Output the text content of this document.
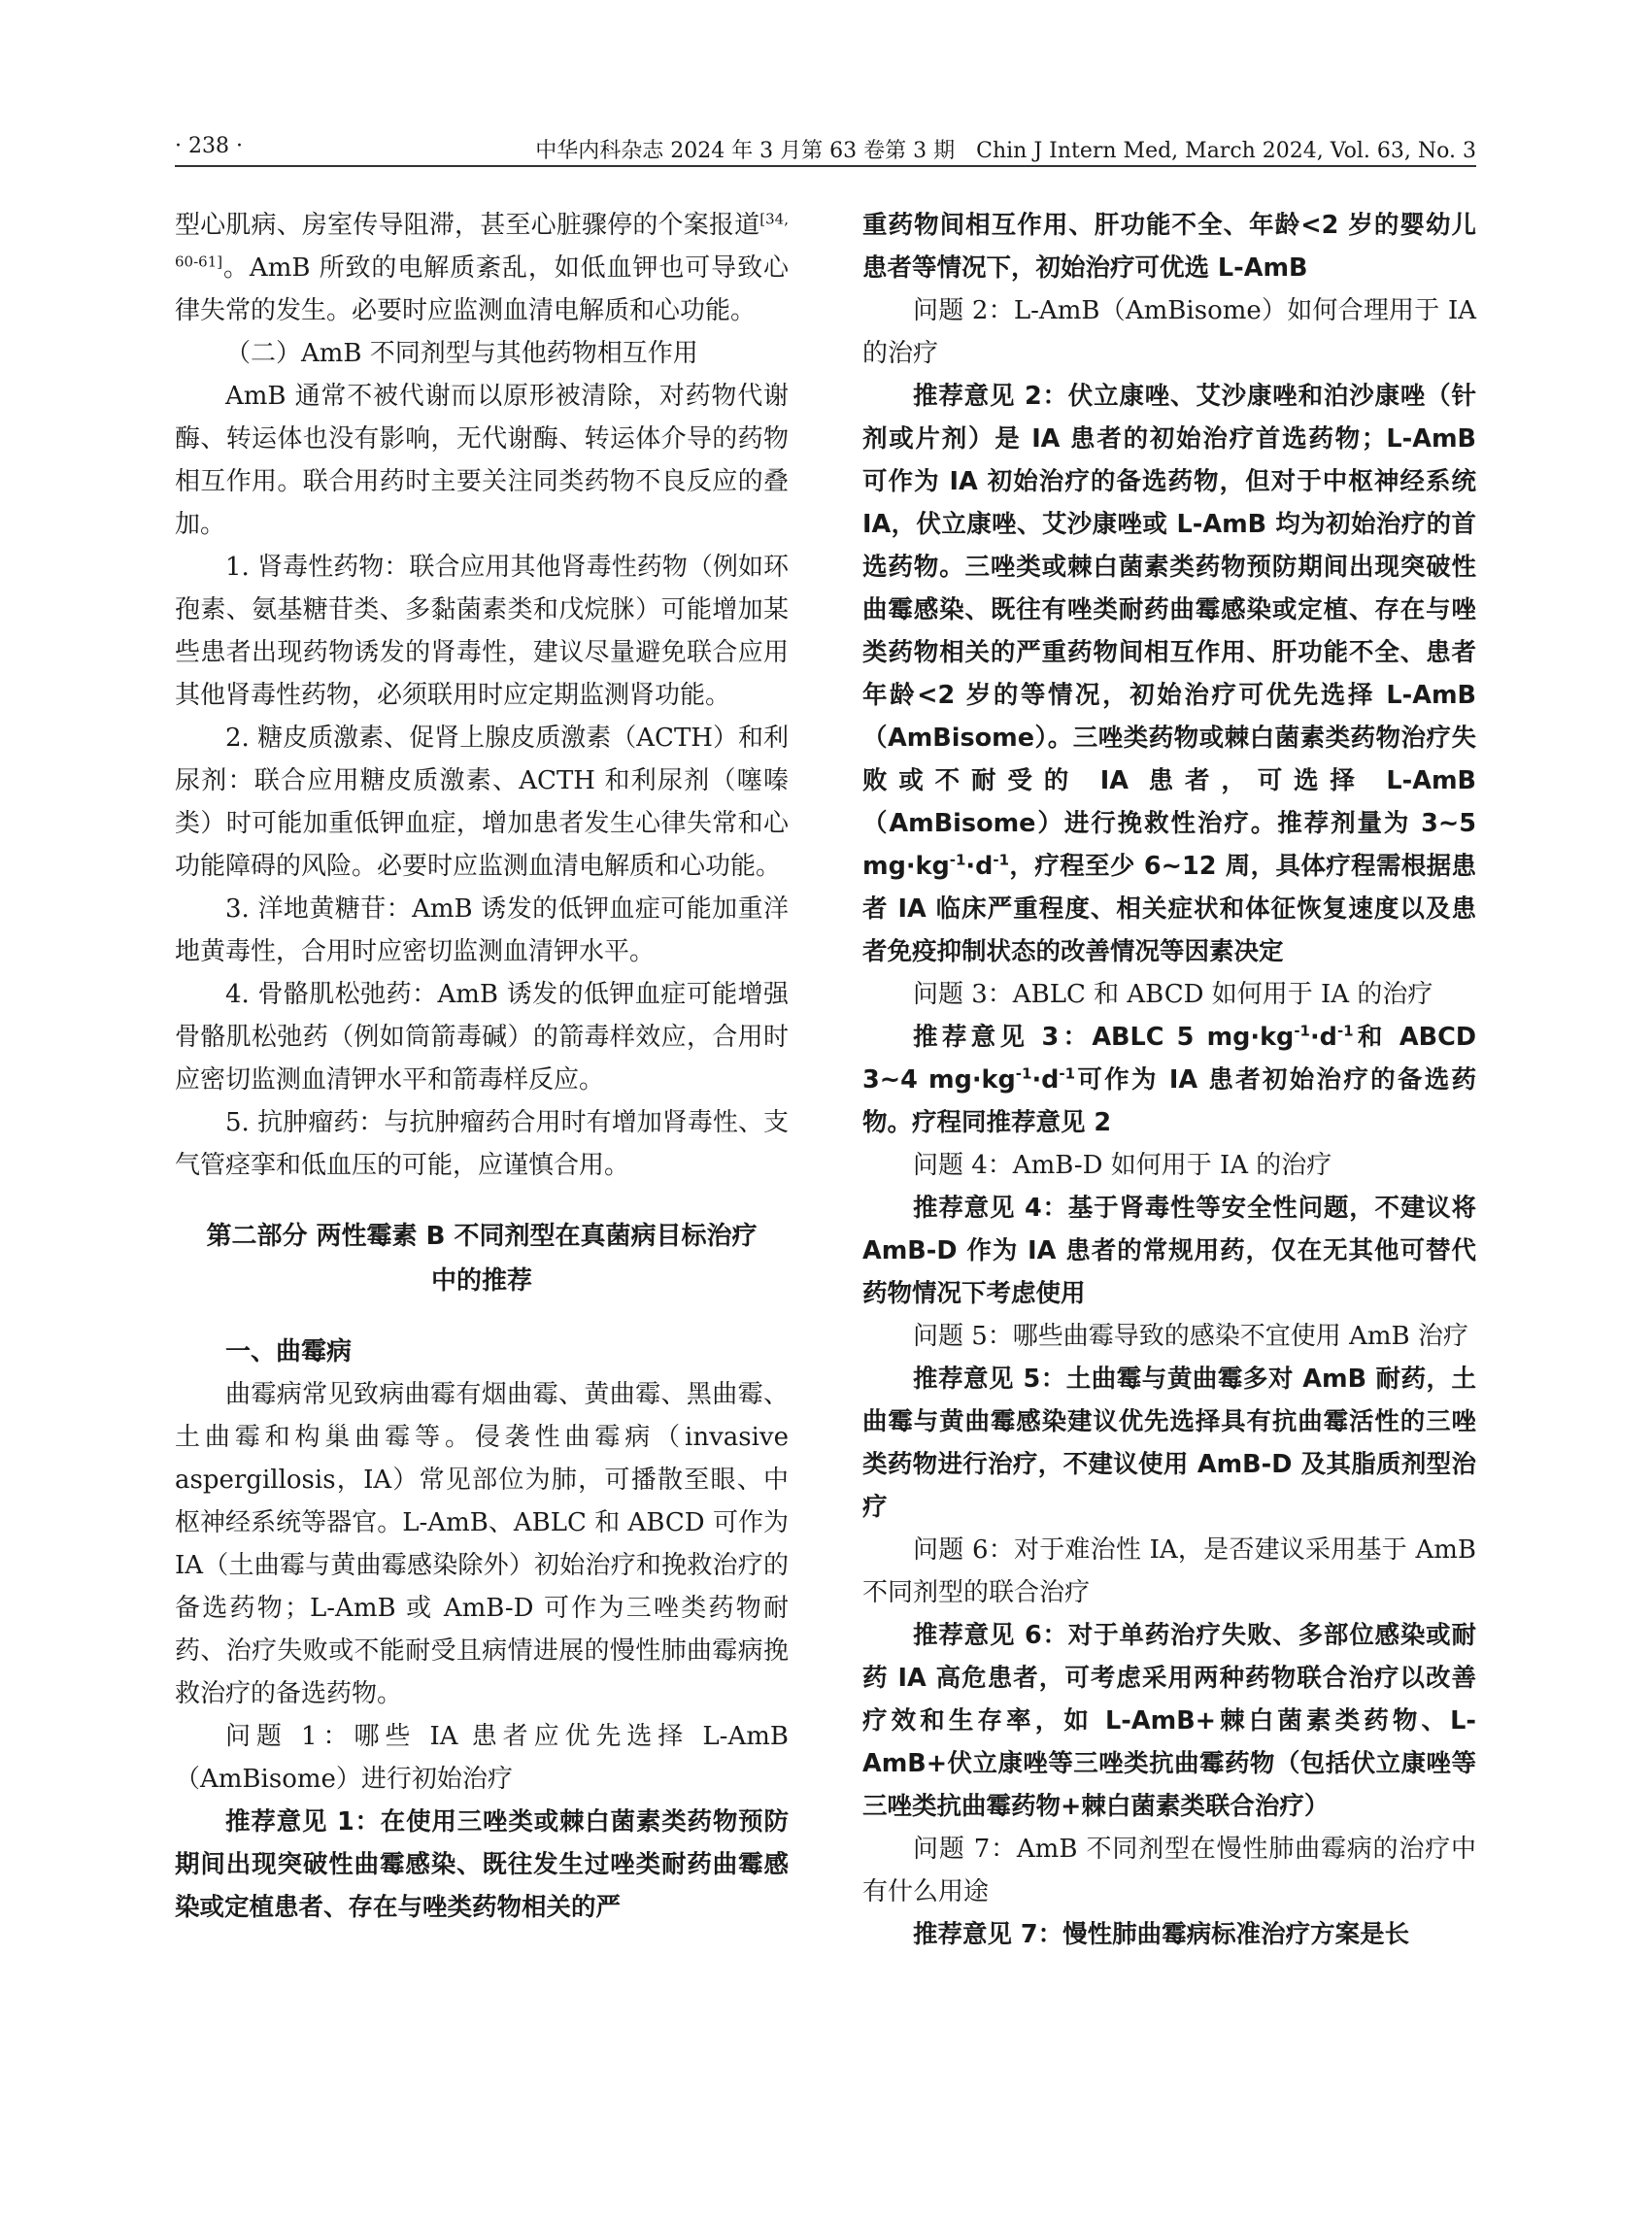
· 238 ·	中华内科杂志 2024 年 3 月第 63 卷第 3 期　Chin J Intern Med, March 2024, Vol. 63, No. 3

型心肌病、房室传导阻滞，甚至心脏骤停的个案报道[34, 60-61]。AmB 所致的电解质紊乱，如低血钾也可导致心律失常的发生。必要时应监测血清电解质和心功能。

（二）AmB 不同剂型与其他药物相互作用

AmB 通常不被代谢而以原形被清除，对药物代谢酶、转运体也没有影响，无代谢酶、转运体介导的药物相互作用。联合用药时主要关注同类药物不良反应的叠加。

1. 肾毒性药物：联合应用其他肾毒性药物（例如环孢素、氨基糖苷类、多黏菌素类和戊烷脒）可能增加某些患者出现药物诱发的肾毒性，建议尽量避免联合应用其他肾毒性药物，必须联用时应定期监测肾功能。

2. 糖皮质激素、促肾上腺皮质激素（ACTH）和利尿剂：联合应用糖皮质激素、ACTH 和利尿剂（噻嗪类）时可能加重低钾血症，增加患者发生心律失常和心功能障碍的风险。必要时应监测血清电解质和心功能。

3. 洋地黄糖苷：AmB 诱发的低钾血症可能加重洋地黄毒性，合用时应密切监测血清钾水平。

4. 骨骼肌松弛药：AmB 诱发的低钾血症可能增强骨骼肌松弛药（例如筒箭毒碱）的箭毒样效应，合用时应密切监测血清钾水平和箭毒样反应。

5. 抗肿瘤药：与抗肿瘤药合用时有增加肾毒性、支气管痉挛和低血压的可能，应谨慎合用。

第二部分 两性霉素 B 不同剂型在真菌病目标治疗
中的推荐

一、曲霉病

曲霉病常见致病曲霉有烟曲霉、黄曲霉、黑曲霉、土曲霉和构巢曲霉等。侵袭性曲霉病（invasive aspergillosis，IA）常见部位为肺，可播散至眼、中枢神经系统等器官。L-AmB、ABLC 和 ABCD 可作为 IA（土曲霉与黄曲霉感染除外）初始治疗和挽救治疗的备选药物；L-AmB 或 AmB-D 可作为三唑类药物耐药、治疗失败或不能耐受且病情进展的慢性肺曲霉病挽救治疗的备选药物。

问题 1：哪些 IA 患者应优先选择 L-AmB（AmBisome）进行初始治疗

推荐意见 1：在使用三唑类或棘白菌素类药物预防期间出现突破性曲霉感染、既往发生过唑类耐药曲霉感染或定植患者、存在与唑类药物相关的严

重药物间相互作用、肝功能不全、年龄<2 岁的婴幼儿患者等情况下，初始治疗可优选 L-AmB

问题 2：L-AmB（AmBisome）如何合理用于 IA 的治疗

推荐意见 2：伏立康唑、艾沙康唑和泊沙康唑（针剂或片剂）是 IA 患者的初始治疗首选药物；L-AmB 可作为 IA 初始治疗的备选药物，但对于中枢神经系统 IA，伏立康唑、艾沙康唑或 L-AmB 均为初始治疗的首选药物。三唑类或棘白菌素类药物预防期间出现突破性曲霉感染、既往有唑类耐药曲霉感染或定植、存在与唑类药物相关的严重药物间相互作用、肝功能不全、患者年龄<2 岁的等情况，初始治疗可优先选择 L-AmB（AmBisome）。三唑类药物或棘白菌素类药物治疗失败或不耐受的 IA 患者，可选择 L-AmB（AmBisome）进行挽救性治疗。推荐剂量为 3~5 $mg\cdot kg^{-1}\cdot d^{-1}$，疗程至少 6~12 周，具体疗程需根据患者 IA 临床严重程度、相关症状和体征恢复速度以及患者免疫抑制状态的改善情况等因素决定

问题 3：ABLC 和 ABCD 如何用于 IA 的治疗

推荐意见 3：ABLC 5 $mg\cdot kg^{-1}\cdot d^{-1}$和 ABCD 3~4 $mg\cdot kg^{-1}\cdot d^{-1}$可作为 IA 患者初始治疗的备选药物。疗程同推荐意见 2

问题 4：AmB-D 如何用于 IA 的治疗

推荐意见 4：基于肾毒性等安全性问题，不建议将 AmB-D 作为 IA 患者的常规用药，仅在无其他可替代药物情况下考虑使用

问题 5：哪些曲霉导致的感染不宜使用 AmB 治疗

推荐意见 5：土曲霉与黄曲霉多对 AmB 耐药，土曲霉与黄曲霉感染建议优先选择具有抗曲霉活性的三唑类药物进行治疗，不建议使用 AmB-D 及其脂质剂型治疗

问题 6：对于难治性 IA，是否建议采用基于 AmB 不同剂型的联合治疗

推荐意见 6：对于单药治疗失败、多部位感染或耐药 IA 高危患者，可考虑采用两种药物联合治疗以改善疗效和生存率，如 L-AmB+棘白菌素类药物、L-AmB+伏立康唑等三唑类抗曲霉药物（包括伏立康唑等三唑类抗曲霉药物+棘白菌素类联合治疗）

问题 7：AmB 不同剂型在慢性肺曲霉病的治疗中有什么用途

推荐意见 7：慢性肺曲霉病标准治疗方案是长
